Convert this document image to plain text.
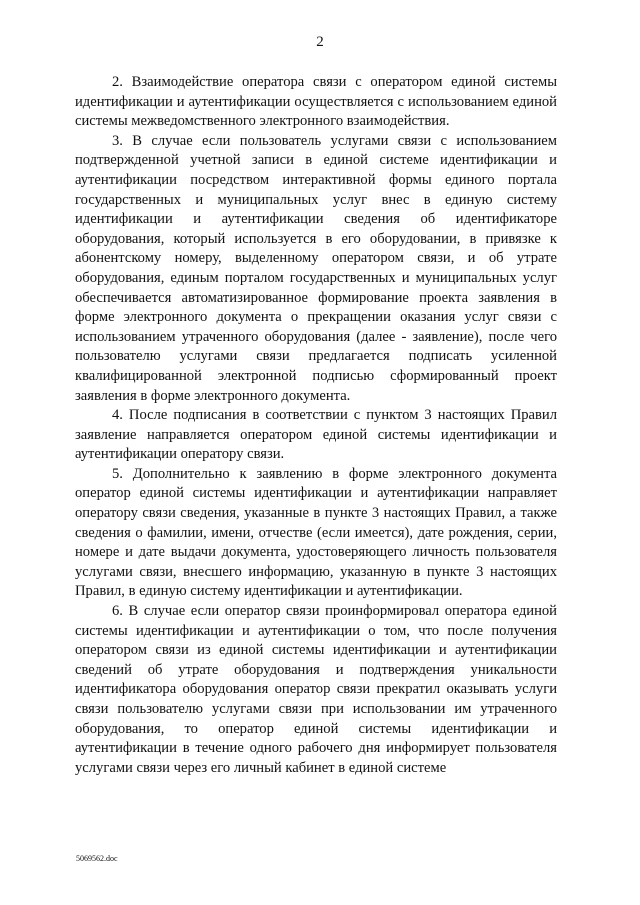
2

2. Взаимодействие оператора связи с оператором единой системы идентификации и аутентификации осуществляется с использованием единой системы межведомственного электронного взаимодействия.

3. В случае если пользователь услугами связи с использованием подтвержденной учетной записи в единой системе идентификации и аутентификации посредством интерактивной формы единого портала государственных и муниципальных услуг внес в единую систему идентификации и аутентификации сведения об идентификаторе оборудования, который используется в его оборудовании, в привязке к абонентскому номеру, выделенному оператором связи, и об утрате оборудования, единым порталом государственных и муниципальных услуг обеспечивается автоматизированное формирование проекта заявления в форме электронного документа о прекращении оказания услуг связи с использованием утраченного оборудования (далее - заявление), после чего пользователю услугами связи предлагается подписать усиленной квалифицированной электронной подписью сформированный проект заявления в форме электронного документа.

4. После подписания в соответствии с пунктом 3 настоящих Правил заявление направляется оператором единой системы идентификации и аутентификации оператору связи.

5. Дополнительно к заявлению в форме электронного документа оператор единой системы идентификации и аутентификации направляет оператору связи сведения, указанные в пункте 3 настоящих Правил, а также сведения о фамилии, имени, отчестве (если имеется), дате рождения, серии, номере и дате выдачи документа, удостоверяющего личность пользователя услугами связи, внесшего информацию, указанную в пункте 3 настоящих Правил, в единую систему идентификации и аутентификации.

6. В случае если оператор связи проинформировал оператора единой системы идентификации и аутентификации о том, что после получения оператором связи из единой системы идентификации и аутентификации сведений об утрате оборудования и подтверждения уникальности идентификатора оборудования оператор связи прекратил оказывать услуги связи пользователю услугами связи при использовании им утраченного оборудования, то оператор единой системы идентификации и аутентификации в течение одного рабочего дня информирует пользователя услугами связи через его личный кабинет в единой системе

5069562.doc
